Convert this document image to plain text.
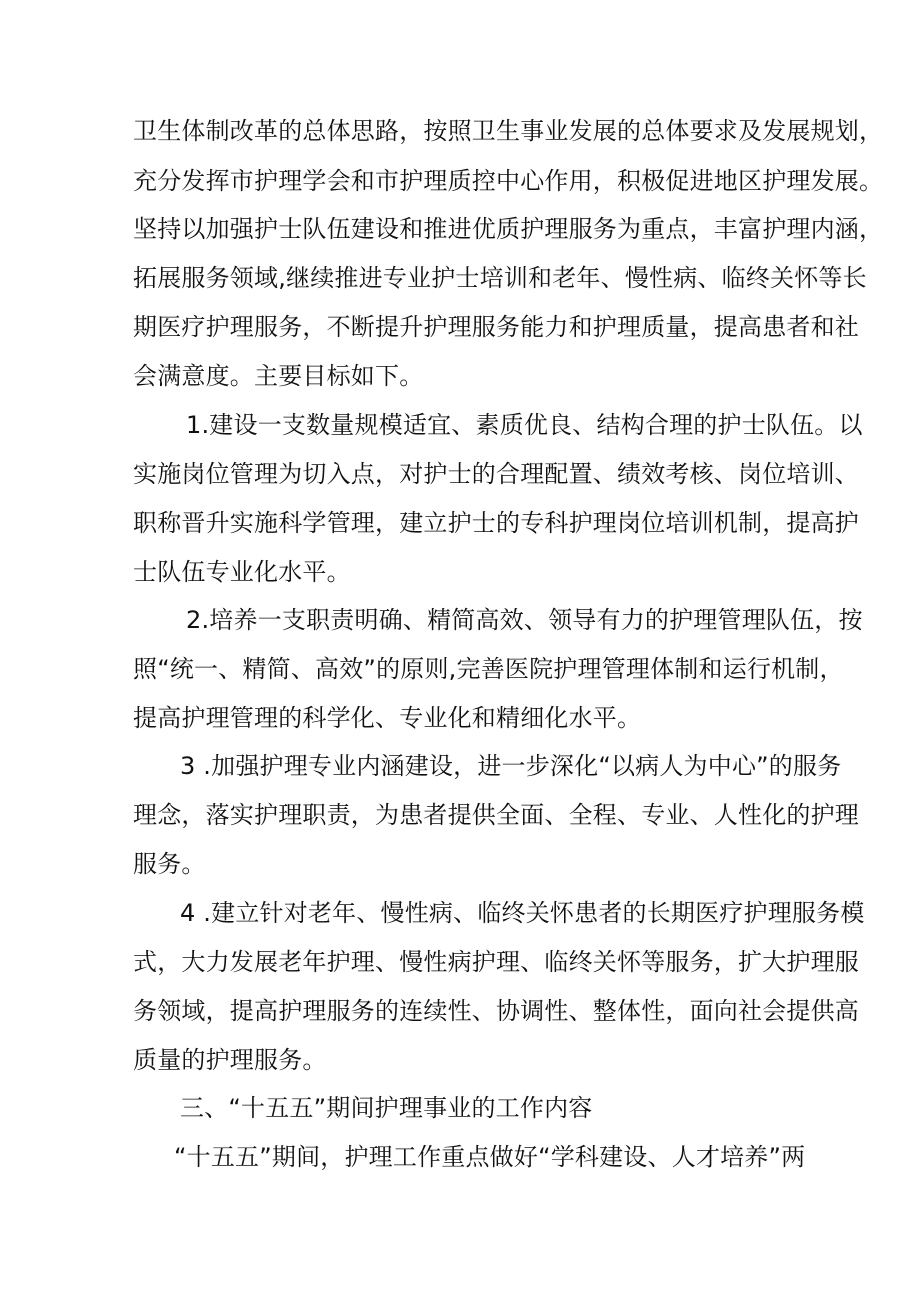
卫生体制改革的总体思路，按照卫生事业发展的总体要求及发展规划，
充分发挥市护理学会和市护理质控中心作用，积极促进地区护理发展。
坚持以加强护士队伍建设和推进优质护理服务为重点，丰富护理内涵，
拓展服务领域,继续推进专业护士培训和老年、慢性病、临终关怀等长
期医疗护理服务，不断提升护理服务能力和护理质量，提高患者和社
会满意度。主要目标如下。
1.建设一支数量规模适宜、素质优良、结构合理的护士队伍。以
实施岗位管理为切入点，对护士的合理配置、绩效考核、岗位培训、
职称晋升实施科学管理，建立护士的专科护理岗位培训机制，提高护
士队伍专业化水平。
2.培养一支职责明确、精简高效、领导有力的护理管理队伍，按
照“统一、精简、高效”的原则,完善医院护理管理体制和运行机制，
提高护理管理的科学化、专业化和精细化水平。
3 .加强护理专业内涵建设，进一步深化“以病人为中心”的服务
理念，落实护理职责，为患者提供全面、全程、专业、人性化的护理
服务。
4 .建立针对老年、慢性病、临终关怀患者的长期医疗护理服务模
式，大力发展老年护理、慢性病护理、临终关怀等服务，扩大护理服
务领域，提高护理服务的连续性、协调性、整体性，面向社会提供高
质量的护理服务。
三、“十五五”期间护理事业的工作内容
“十五五”期间，护理工作重点做好“学科建设、人才培养”两
